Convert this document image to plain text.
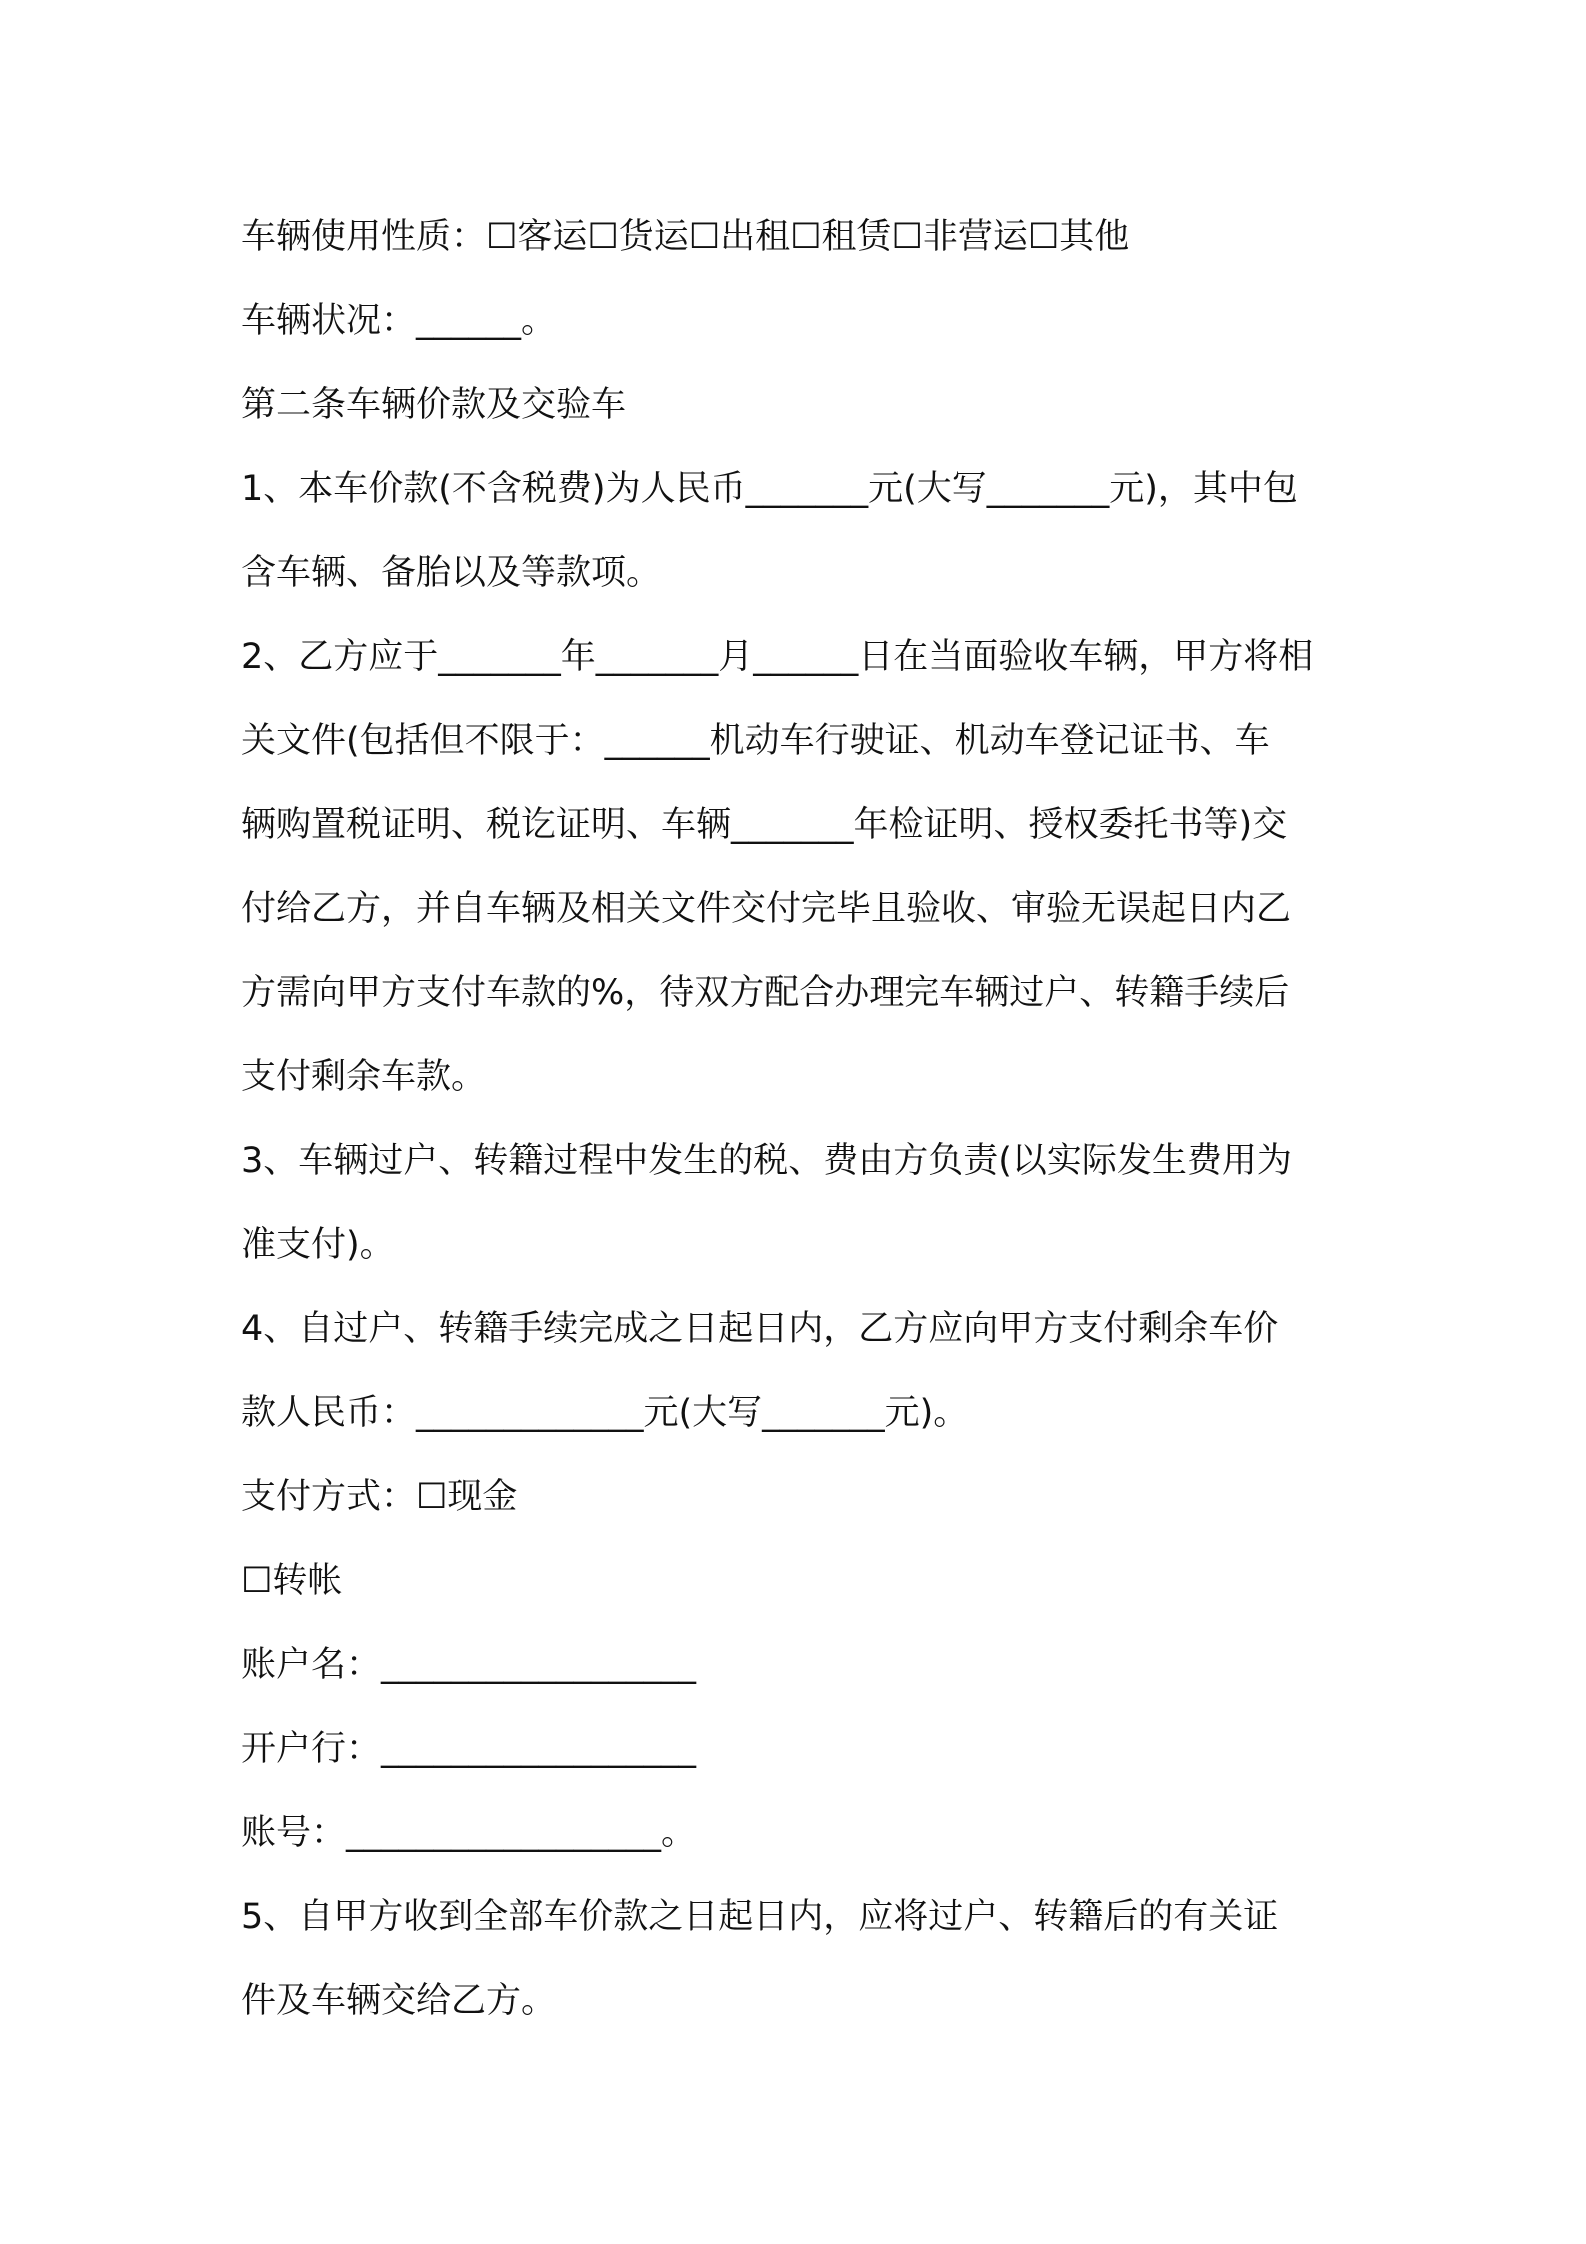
车辆使用性质：☐客运☐货运☐出租☐租赁☐非营运☐其他
车辆状况：______。
第二条车辆价款及交验车
1、本车价款(不含税费)为人民币_______元(大写_______元)，其中包
含车辆、备胎以及等款项。
2、乙方应于_______年_______月______日在当面验收车辆，甲方将相
关文件(包括但不限于：______机动车行驶证、机动车登记证书、车
辆购置税证明、税讫证明、车辆_______年检证明、授权委托书等)交
付给乙方，并自车辆及相关文件交付完毕且验收、审验无误起日内乙
方需向甲方支付车款的%，待双方配合办理完车辆过户、转籍手续后
支付剩余车款。
3、车辆过户、转籍过程中发生的税、费由方负责(以实际发生费用为
准支付)。
4、自过户、转籍手续完成之日起日内，乙方应向甲方支付剩余车价
款人民币：_____________元(大写_______元)。
支付方式：☐现金
☐转帐
账户名：__________________
开户行：__________________
账号：__________________。
5、自甲方收到全部车价款之日起日内，应将过户、转籍后的有关证
件及车辆交给乙方。
